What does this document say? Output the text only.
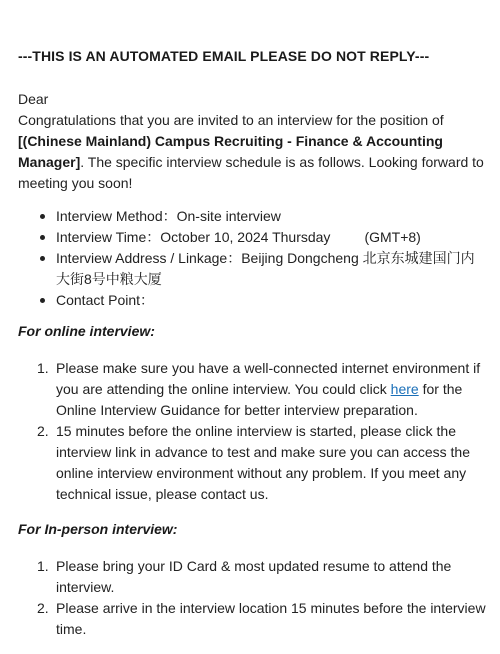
---THIS IS AN AUTOMATED EMAIL PLEASE DO NOT REPLY---

Dear

Congratulations that you are invited to an interview for the position of [(Chinese Mainland) Campus Recruiting - Finance & Accounting Manager]. The specific interview schedule is as follows. Looking forward to meeting you soon!

Interview Method：On-site interview
Interview Time：October 10, 2024 Thursday (GMT+8)
Interview Address / Linkage：Beijing Dongcheng 北京东城建国门内大街8号中粮大厦
Contact Point：

For online interview:

1. Please make sure you have a well-connected internet environment if you are attending the online interview. You could click here for the Online Interview Guidance for better interview preparation.
2. 15 minutes before the online interview is started, please click the interview link in advance to test and make sure you can access the online interview environment without any problem. If you meet any technical issue, please contact us.

For In-person interview:

1. Please bring your ID Card & most updated resume to attend the interview.
2. Please arrive in the interview location 15 minutes before the interview time.
